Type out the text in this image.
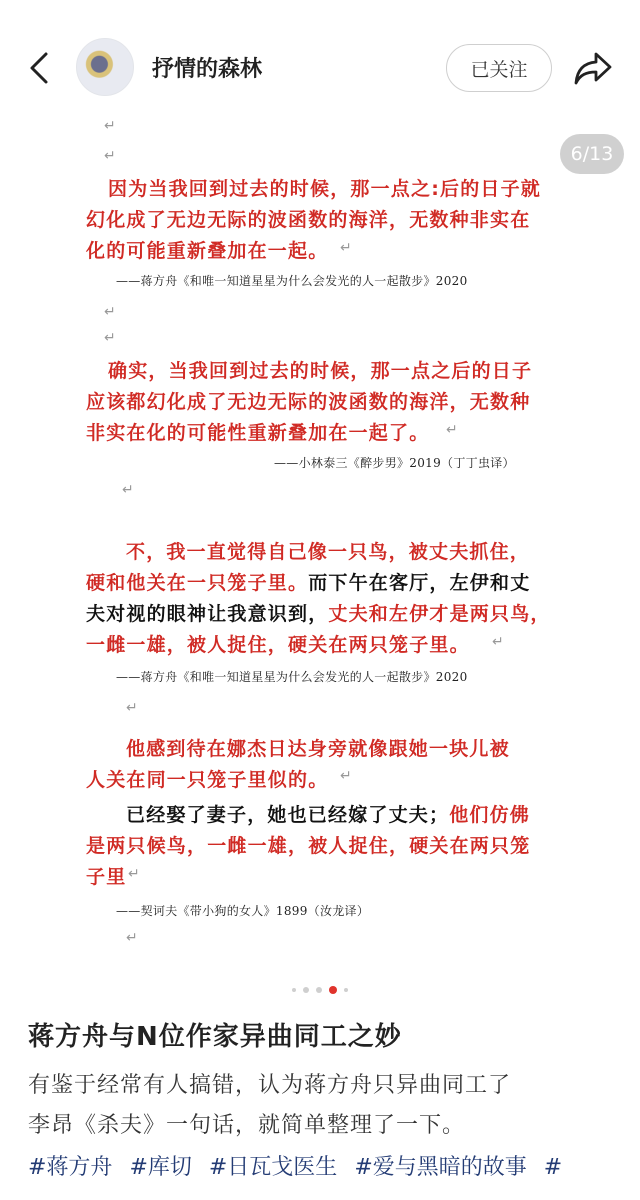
抒情的森林	已关注
6/13
↵
↵
因为当我回到过去的时候，那一点之:后的日子就
幻化成了无边无际的波函数的海洋，无数种非实在
化的可能重新叠加在一起。 ↵
——蒋方舟《和唯一知道星星为什么会发光的人一起散步》2020
↵
↵
确实，当我回到过去的时候，那一点之后的日子
应该都幻化成了无边无际的波函数的海洋，无数种
非实在化的可能性重新叠加在一起了。 ↵
——小林泰三《醉步男》2019（丁丁虫译）
↵
不，我一直觉得自己像一只鸟，被丈夫抓住，
硬和他关在一只笼子里。而下午在客厅，左伊和丈
夫对视的眼神让我意识到，丈夫和左伊才是两只鸟，
一雌一雄，被人捉住，硬关在两只笼子里。 ↵
——蒋方舟《和唯一知道星星为什么会发光的人一起散步》2020
↵
他感到待在娜杰日达身旁就像跟她一块儿被
人关在同一只笼子里似的。 ↵
已经娶了妻子，她也已经嫁了丈夫；他们仿佛
是两只候鸟，一雌一雄，被人捉住，硬关在两只笼
子里 ↵
——契诃夫《带小狗的女人》1899（汝龙译）
↵
蒋方舟与N位作家异曲同工之妙
有鉴于经常有人搞错，认为蒋方舟只异曲同工了
李昂《杀夫》一句话，就简单整理了一下。
#蒋方舟 #库切 #日瓦戈医生 #爱与黑暗的故事 #
